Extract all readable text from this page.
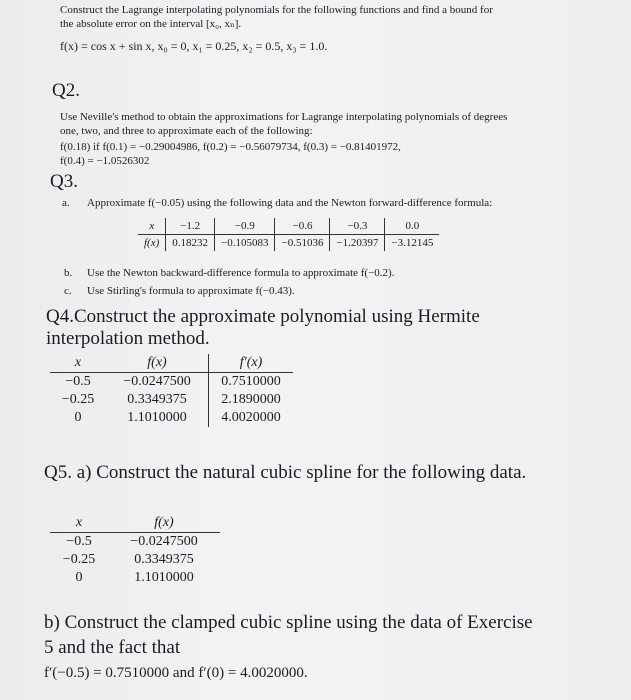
Construct the Lagrange interpolating polynomials for the following functions and find a bound for
the absolute error on the interval [x₀, xₙ].
f(x) = cos x + sin x, x₀ = 0, x₁ = 0.25, x₂ = 0.5, x₃ = 1.0.
Q2.
Use Neville's method to obtain the approximations for Lagrange interpolating polynomials of degrees
one, two, and three to approximate each of the following:
f(0.18) if f(0.1) = −0.29004986, f(0.2) = −0.56079734, f(0.3) = −0.81401972,
f(0.4) = −1.0526302
Q3.
a. Approximate f(−0.05) using the following data and the Newton forward-difference formula:
x	−1.2	−0.9	−0.6	−0.3	0.0
f(x)	0.18232	−0.105083	−0.51036	−1.20397	−3.12145
b. Use the Newton backward-difference formula to approximate f(−0.2).
c. Use Stirling's formula to approximate f(−0.43).
Q4.Construct the approximate polynomial using Hermite
interpolation method.
x	f(x)	f′(x)
−0.5	−0.0247500	0.7510000
−0.25	0.3349375	2.1890000
0	1.1010000	4.0020000
Q5. a) Construct the natural cubic spline for the following data.
x	f(x)
−0.5	−0.0247500
−0.25	0.3349375
0	1.1010000
b) Construct the clamped cubic spline using the data of Exercise
5 and the fact that
f′(−0.5) = 0.7510000 and f′(0) = 4.0020000.
